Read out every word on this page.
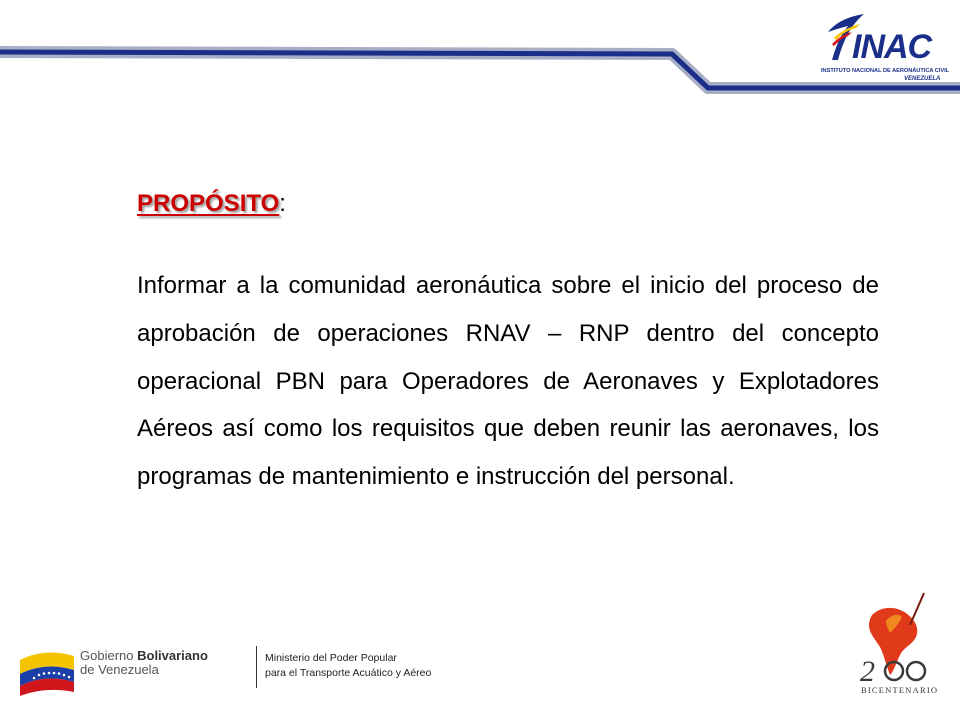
INAC
INSTITUTO NACIONAL DE AERONÁUTICA CIVIL
VENEZUELA
PROPÓSITO:

Informar a la comunidad aeronáutica sobre el inicio del proceso de aprobación de operaciones RNAV – RNP dentro del concepto operacional PBN para Operadores de Aeronaves y Explotadores Aéreos así como los requisitos que deben reunir las aeronaves, los programas de mantenimiento e instrucción del personal.

Gobierno Bolivariano
de Venezuela
Ministerio del Poder Popular
para el Transporte Acuático y Aéreo	2
BICENTENARIO
